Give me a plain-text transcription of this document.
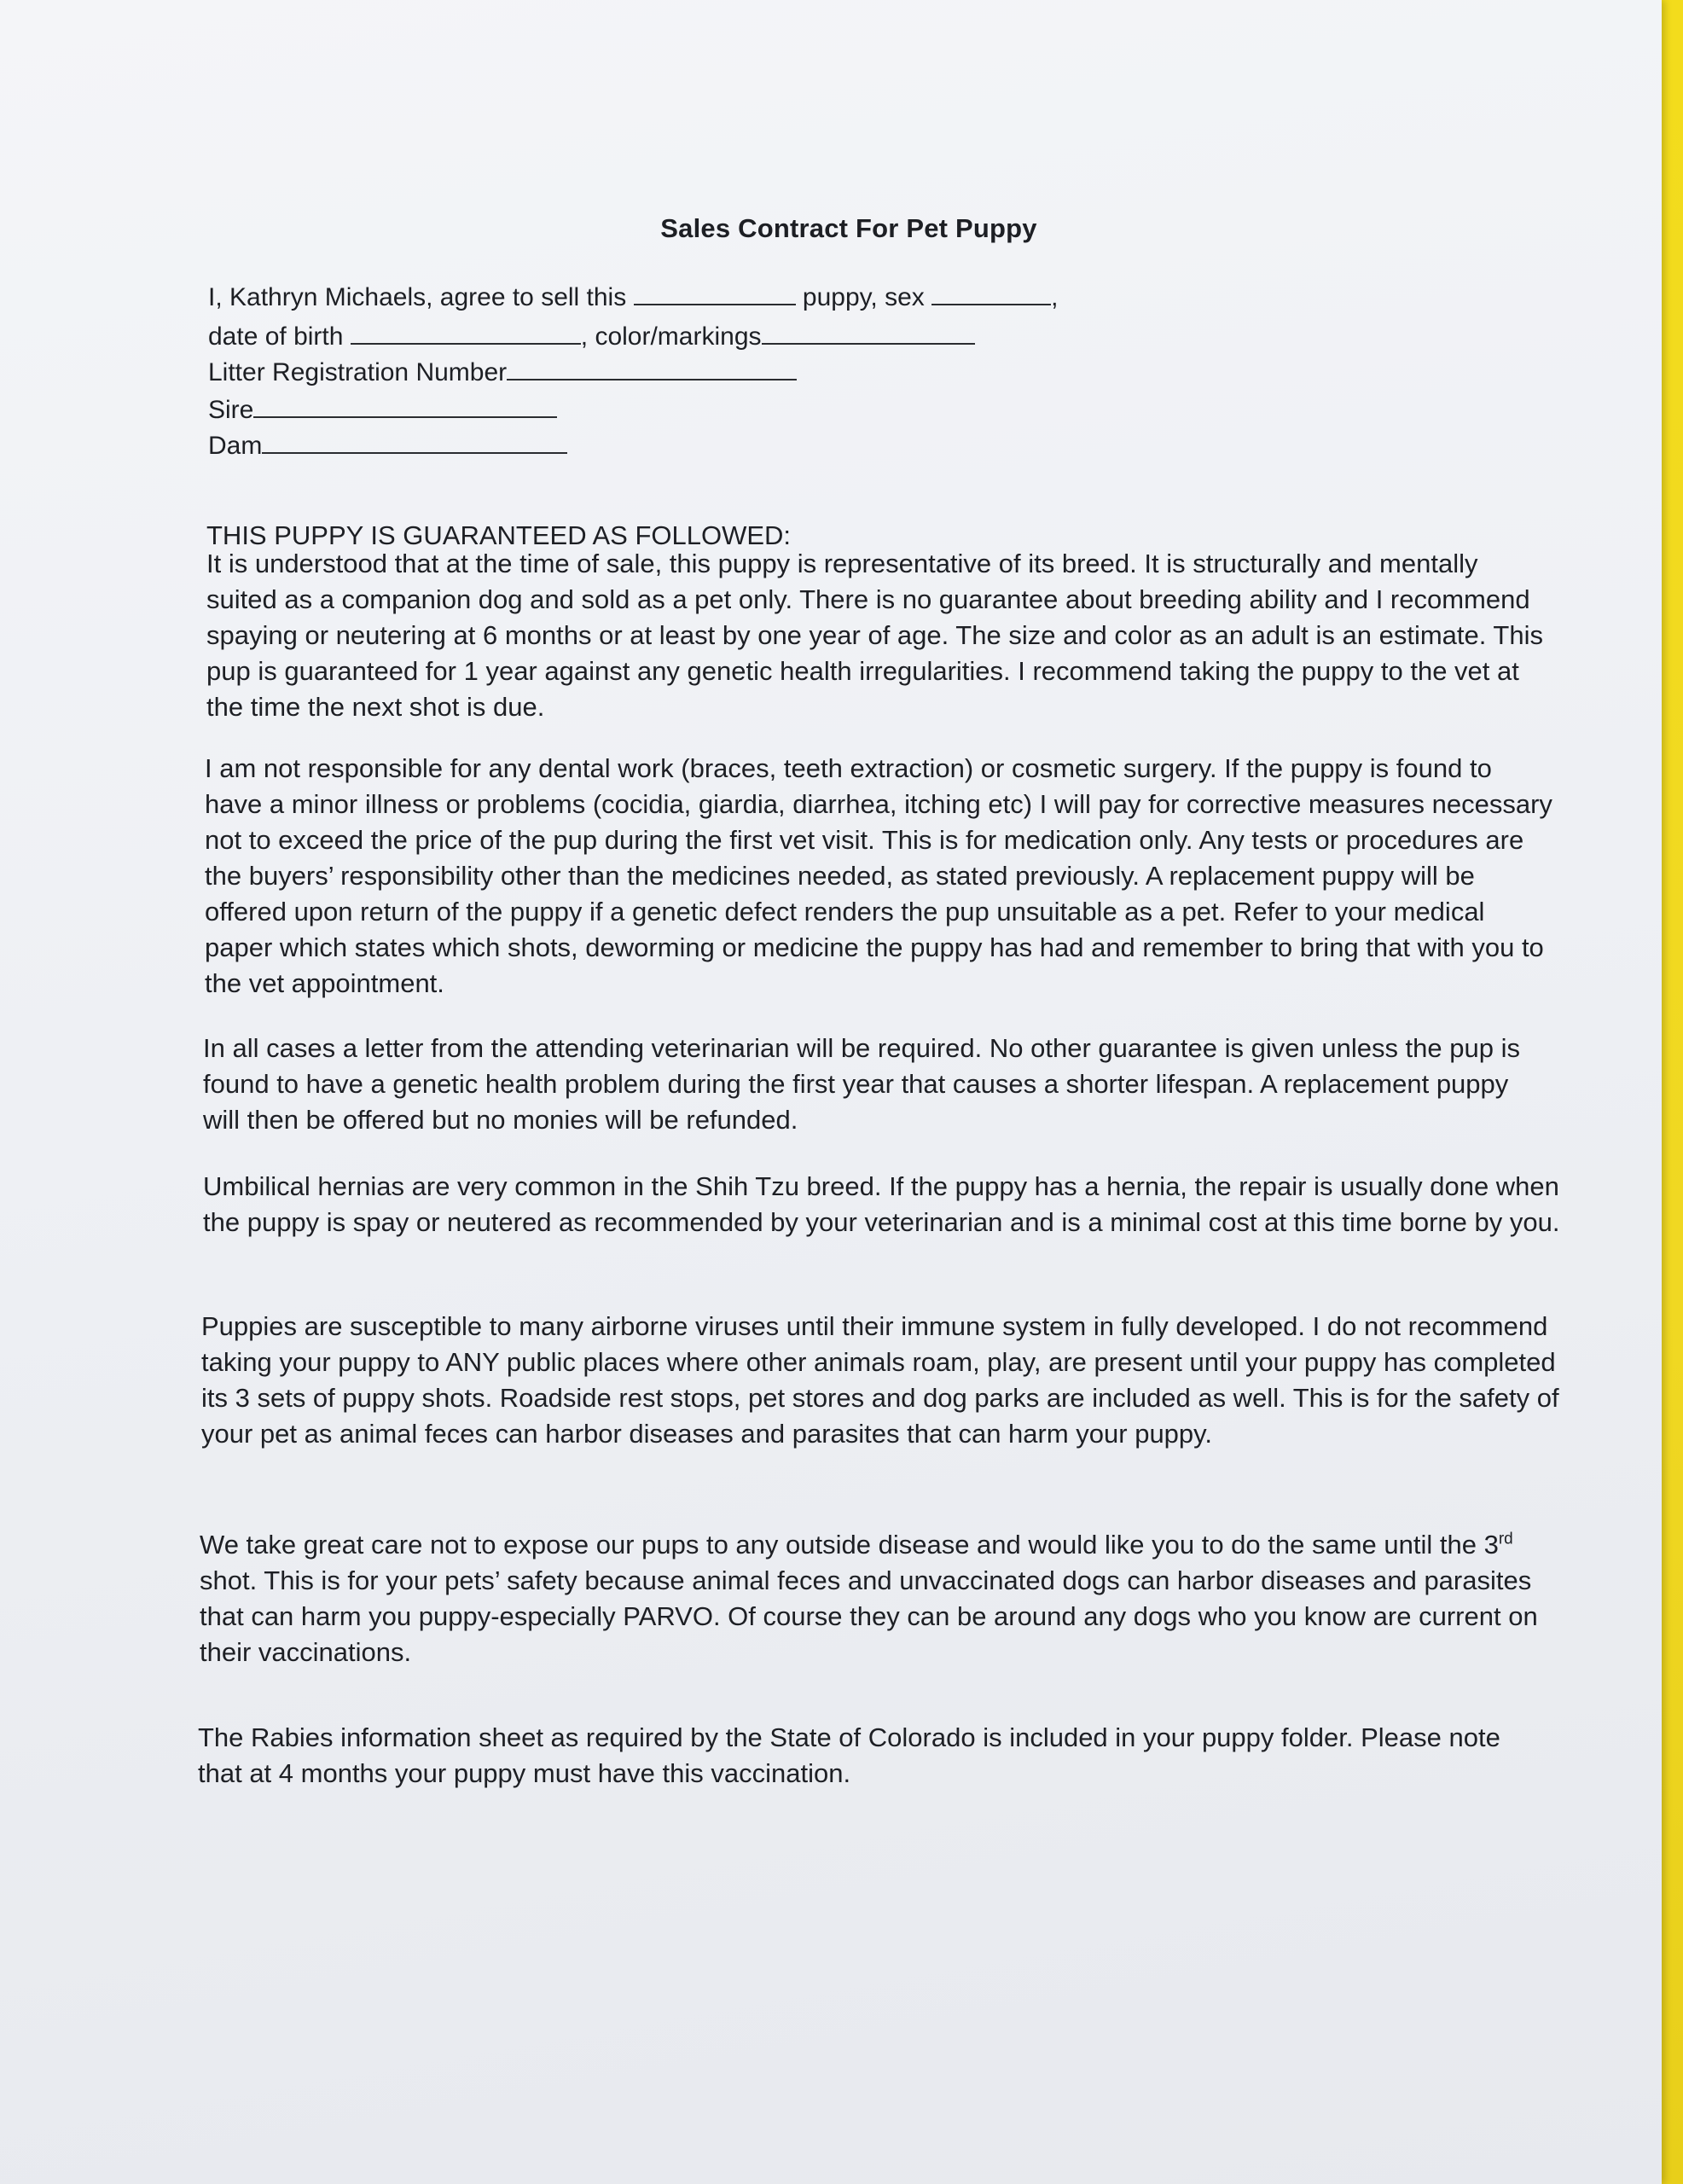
Sales Contract For Pet Puppy
I, Kathryn Michaels, agree to sell this	puppy, sex	,
date of birth	, color/markings
Litter Registration Number
Sire
Dam
THIS PUPPY IS GUARANTEED AS FOLLOWED:

It is understood that at the time of sale, this puppy is representative of its breed. It is structurally and mentally suited as a companion dog and sold as a pet only. There is no guarantee about breeding ability and I recommend spaying or neutering at 6 months or at least by one year of age. The size and color as an adult is an estimate. This pup is guaranteed for 1 year against any genetic health irregularities. I recommend taking the puppy to the vet at the time the next shot is due.

I am not responsible for any dental work (braces, teeth extraction) or cosmetic surgery. If the puppy is found to have a minor illness or problems (cocidia, giardia, diarrhea, itching etc) I will pay for corrective measures necessary not to exceed the price of the pup during the first vet visit. This is for medication only. Any tests or procedures are the buyers’ responsibility other than the medicines needed, as stated previously. A replacement puppy will be offered upon return of the puppy if a genetic defect renders the pup unsuitable as a pet. Refer to your medical paper which states which shots, deworming or medicine the puppy has had and remember to bring that with you to the vet appointment.

In all cases a letter from the attending veterinarian will be required. No other guarantee is given unless the pup is found to have a genetic health problem during the first year that causes a shorter lifespan. A replacement puppy will then be offered but no monies will be refunded.

Umbilical hernias are very common in the Shih Tzu breed. If the puppy has a hernia, the repair is usually done when the puppy is spay or neutered as recommended by your veterinarian and is a minimal cost at this time borne by you.

Puppies are susceptible to many airborne viruses until their immune system in fully developed. I do not recommend taking your puppy to ANY public places where other animals roam, play, are present until your puppy has completed its 3 sets of puppy shots. Roadside rest stops, pet stores and dog parks are included as well. This is for the safety of your pet as animal feces can harbor diseases and parasites that can harm your puppy.

We take great care not to expose our pups to any outside disease and would like you to do the same until the 3rd shot. This is for your pets’ safety because animal feces and unvaccinated dogs can harbor diseases and parasites that can harm you puppy-especially PARVO. Of course they can be around any dogs who you know are current on their vaccinations.

The Rabies information sheet as required by the State of Colorado is included in your puppy folder. Please note that at 4 months your puppy must have this vaccination.
